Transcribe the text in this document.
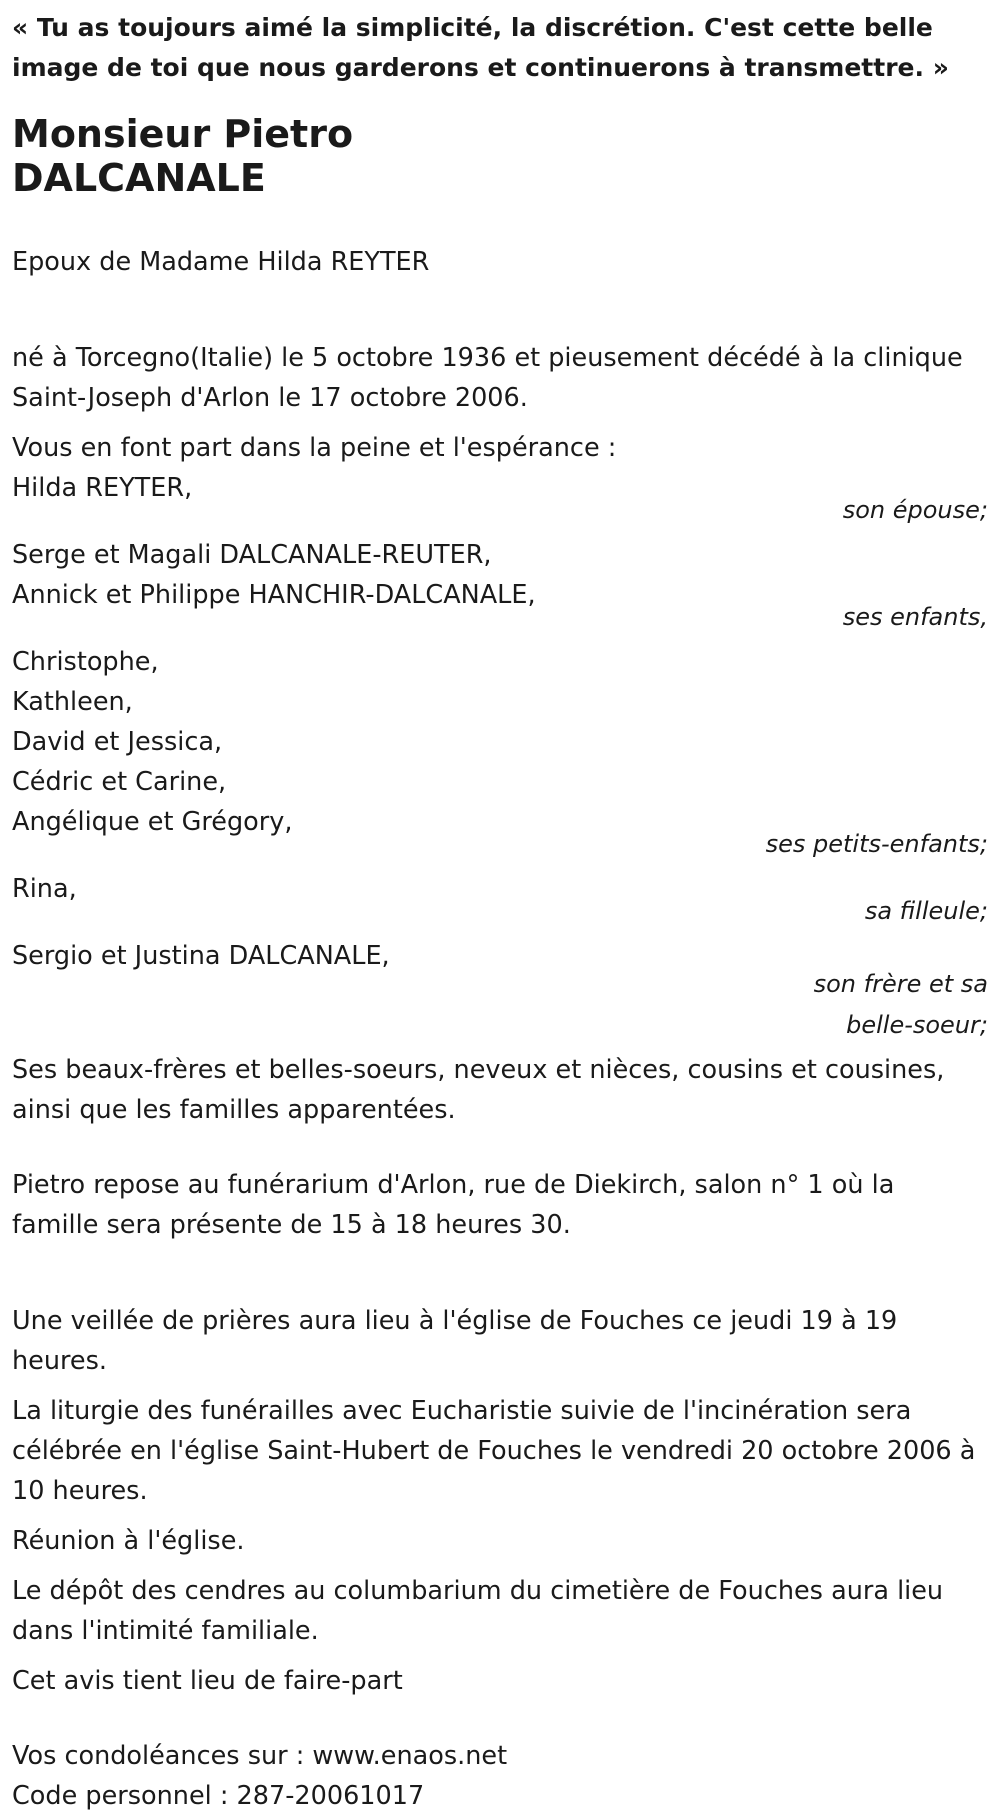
« Tu as toujours aimé la simplicité, la discrétion. C'est cette belle image de toi que nous garderons et continuerons à transmettre. »

Monsieur Pietro
DALCANALE

Epoux de Madame Hilda REYTER

né à Torcegno(Italie) le 5 octobre 1936 et pieusement décédé à la clinique Saint-Joseph d'Arlon le 17 octobre 2006.

Vous en font part dans la peine et l'espérance :

Hilda REYTER,

son épouse;

Serge et Magali DALCANALE-REUTER,

Annick et Philippe HANCHIR-DALCANALE,

ses enfants,

Christophe,

Kathleen,

David et Jessica,

Cédric et Carine,

Angélique et Grégory,

ses petits-enfants;

Rina,

sa filleule;

Sergio et Justina DALCANALE,

son frère et sa belle-soeur;

Ses beaux-frères et belles-soeurs, neveux et nièces, cousins et cousines, ainsi que les familles apparentées.

Pietro repose au funérarium d'Arlon, rue de Diekirch, salon n° 1 où la famille sera présente de 15 à 18 heures 30.

Une veillée de prières aura lieu à l'église de Fouches ce jeudi 19 à 19 heures.

La liturgie des funérailles avec Eucharistie suivie de l'incinération sera célébrée en l'église Saint-Hubert de Fouches le vendredi 20 octobre 2006 à 10 heures.

Réunion à l'église.

Le dépôt des cendres au columbarium du cimetière de Fouches aura lieu dans l'intimité familiale.

Cet avis tient lieu de faire-part

Vos condoléances sur : www.enaos.net

Code personnel : 287-20061017
